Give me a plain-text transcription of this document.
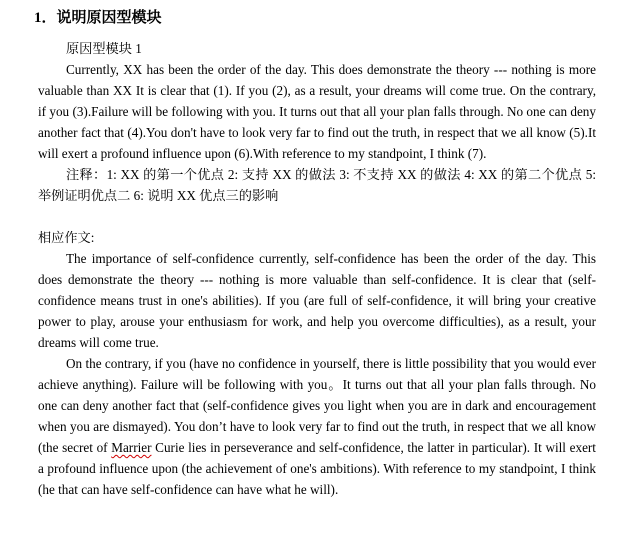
1．说明原因型模块

原因型模块 1

Currently, XX has been the order of the day. This does demonstrate the theory --- nothing is more valuable than XX It is clear that (1). If you (2), as a result, your dreams will come true. On the contrary, if you (3).Failure will be following with you. It turns out that all your plan falls through. No one can deny another fact that (4).You don't have to look very far to find out the truth, in respect that we all know (5).It will exert a profound influence upon (6).With reference to my standpoint, I think (7).

注释：1: XX 的第一个优点 2: 支持 XX 的做法 3: 不支持 XX 的做法 4: XX 的第二个优点 5: 举例证明优点二 6: 说明 XX 优点三的影响

相应作文:

The importance of self-confidence currently, self-confidence has been the order of the day. This does demonstrate the theory --- nothing is more valuable than self-confidence. It is clear that (self-confidence means trust in one's abilities). If you (are full of self-confidence, it will bring your creative power to play, arouse your enthusiasm for work, and help you overcome difficulties), as a result, your dreams will come true.

On the contrary, if you (have no confidence in yourself, there is little possibility that you would ever achieve anything). Failure will be following with you。It turns out that all your plan falls through. No one can deny another fact that (self-confidence gives you light when you are in dark and encouragement when you are dismayed). You don’t have to look very far to find out the truth, in respect that we all know (the secret of Marrier Curie lies in perseverance and self-confidence, the latter in particular). It will exert a profound influence upon (the achievement of one's ambitions). With reference to my standpoint, I think (he that can have self-confidence can have what he will).
